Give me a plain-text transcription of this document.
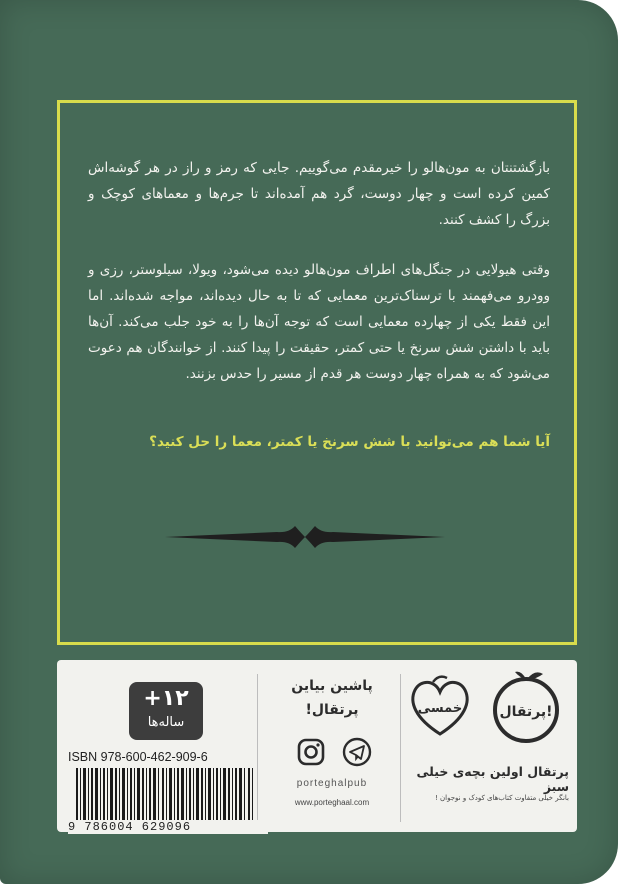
بازگشتنتان به مون‌هالو را خیرمقدم می‌گوییم. جایی که رمز و راز در هر گوشه‌اش کمین کرده است و چهار دوست، گرد هم آمده‌اند تا جرم‌ها و معماهای کوچک و بزرگ را کشف کنند.

وقتی هیولایی در جنگل‌های اطراف مون‌هالو دیده می‌شود، ویولا، سیلوستر، رزی و وودرو می‌فهمند با ترسناک‌ترین معمایی که تا به حال دیده‌اند، مواجه شده‌اند. اما این فقط یکی از چهارده معمایی است که توجه آن‌ها را به خود جلب می‌کند. آن‌ها باید با داشتن شش سرنخ یا حتی کمتر، حقیقت را پیدا کنند. از خوانندگان هم دعوت می‌شود که به همراه چهار دوست هر قدم از مسیر را حدس بزنند.

آیا شما هم می‌توانید با شش سرنخ یا کمتر، معما را حل کنید؟

+۱۲
ساله‌ها
ISBN 978-600-462-909-6
9 786004 629096
پاشین بیاین پرتقال!
porteghalpub
www.porteghaal.com
خمسی	پرتقال!
پرتقال اولین بچه‌ی خیلی سبز
بانگر خیلی متفاوت کتاب‌های کودک و نوجوان !
